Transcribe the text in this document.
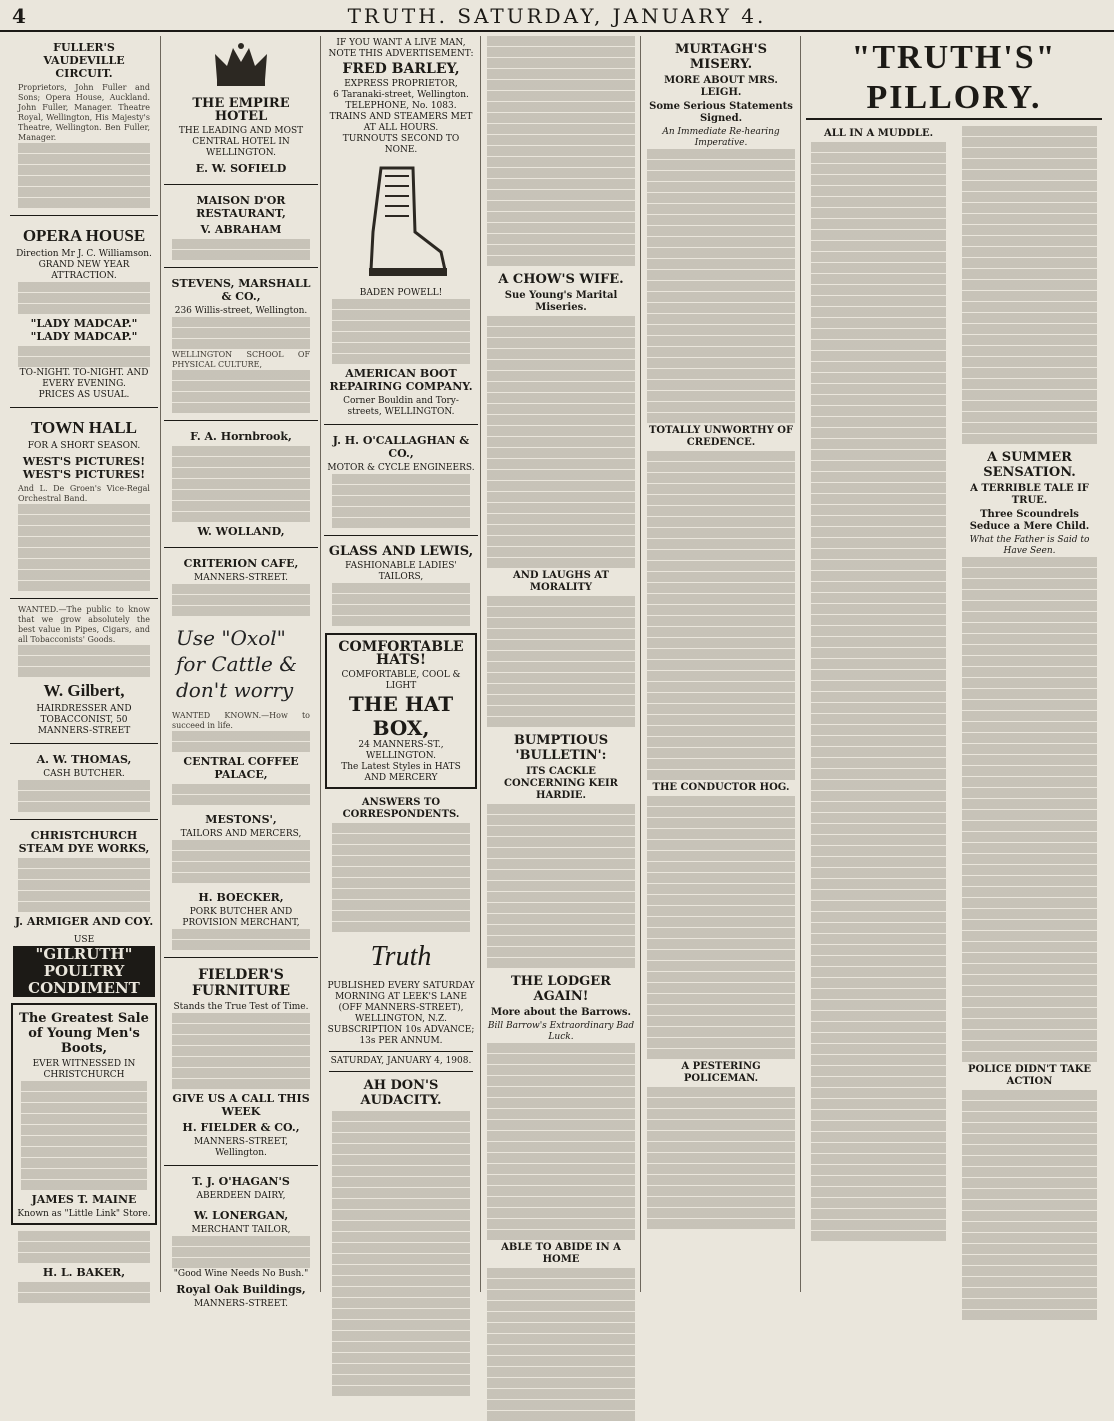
4	TRUTH. SATURDAY, JANUARY 4.
FULLER'S VAUDEVILLE CIRCUIT.
Proprietors, John Fuller and Sons; Opera House, Auckland. John Fuller, Manager. Theatre Royal, Wellington, His Majesty's Theatre, Wellington. Ben Fuller, Manager.
OPERA HOUSE
Direction Mr J. C. Williamson.
GRAND NEW YEAR ATTRACTION.
"LADY MADCAP." "LADY MADCAP."
TO-NIGHT. TO-NIGHT. AND EVERY EVENING.
PRICES AS USUAL.
TOWN HALL
FOR A SHORT SEASON.
WEST'S PICTURES! WEST'S PICTURES!
And L. De Groen's Vice-Regal Orchestral Band.
WANTED.—The public to know that we grow absolutely the best value in Pipes, Cigars, and all Tobacconists' Goods.
W. Gilbert,
HAIRDRESSER AND TOBACCONIST, 50 MANNERS-STREET
A. W. THOMAS,
CASH BUTCHER.
CHRISTCHURCH STEAM DYE WORKS,
J. ARMIGER AND COY.
USE
"GILRUTH" POULTRY CONDIMENT
The Greatest Sale of Young Men's Boots,
EVER WITNESSED IN CHRISTCHURCH
JAMES T. MAINE
Known as "Little Link" Store.
H. L. BAKER,
THE EMPIRE HOTEL
THE LEADING AND MOST CENTRAL HOTEL IN WELLINGTON.
E. W. SOFIELD
MAISON D'OR RESTAURANT,
V. ABRAHAM
STEVENS, MARSHALL & CO.,
236 Willis-street, Wellington.
WELLINGTON SCHOOL OF PHYSICAL CULTURE,
F. A. Hornbrook,
W. WOLLAND,
CRITERION CAFE,
MANNERS-STREET.
Use "Oxol" for Cattle & don't worry
WANTED KNOWN.—How to succeed in life.
CENTRAL COFFEE PALACE,
MESTONS',
TAILORS AND MERCERS,
H. BOECKER,
PORK BUTCHER AND PROVISION MERCHANT,
FIELDER'S FURNITURE
Stands the True Test of Time.
GIVE US A CALL THIS WEEK
H. FIELDER & CO.,
MANNERS-STREET, Wellington.
T. J. O'HAGAN'S
ABERDEEN DAIRY,
W. LONERGAN,
MERCHANT TAILOR,
"Good Wine Needs No Bush."
Royal Oak Buildings,
MANNERS-STREET.
IF YOU WANT A LIVE MAN, NOTE THIS ADVERTISEMENT:
FRED BARLEY,
EXPRESS PROPRIETOR,
6 Taranaki-street, Wellington.
TELEPHONE, No. 1083.
TRAINS AND STEAMERS MET AT ALL HOURS.
TURNOUTS SECOND TO NONE.
BADEN POWELL!
AMERICAN BOOT REPAIRING COMPANY.
Corner Bouldin and Tory-streets, WELLINGTON.
J. H. O'CALLAGHAN & CO.,
MOTOR & CYCLE ENGINEERS.
GLASS AND LEWIS,
FASHIONABLE LADIES' TAILORS,
COMFORTABLE HATS!
COMFORTABLE, COOL & LIGHT
THE HAT BOX,
24 MANNERS-ST., WELLINGTON.
The Latest Styles in HATS AND MERCERY
ANSWERS TO CORRESPONDENTS.
Truth
PUBLISHED EVERY SATURDAY MORNING AT LEEK'S LANE (OFF MANNERS-STREET), WELLINGTON, N.Z. SUBSCRIPTION 10s ADVANCE; 13s PER ANNUM.
SATURDAY, JANUARY 4, 1908.
AH DON'S AUDACITY.
A CHOW'S WIFE.
Sue Young's Marital Miseries.
AND LAUGHS AT MORALITY
BUMPTIOUS 'BULLETIN':
ITS CACKLE CONCERNING KEIR HARDIE.
THE LODGER AGAIN!
More about the Barrows.
Bill Barrow's Extraordinary Bad Luck.
ABLE TO ABIDE IN A HOME
MURTAGH'S MISERY.
MORE ABOUT MRS. LEIGH.
Some Serious Statements Signed.
An Immediate Re-hearing Imperative.
TOTALLY UNWORTHY OF CREDENCE.
THE CONDUCTOR HOG.
A PESTERING POLICEMAN.
"TRUTH'S" PILLORY.
ALL IN A MUDDLE.
A SUMMER SENSATION.
A TERRIBLE TALE IF TRUE.
Three Scoundrels Seduce a Mere Child.
What the Father is Said to Have Seen.
POLICE DIDN'T TAKE ACTION
